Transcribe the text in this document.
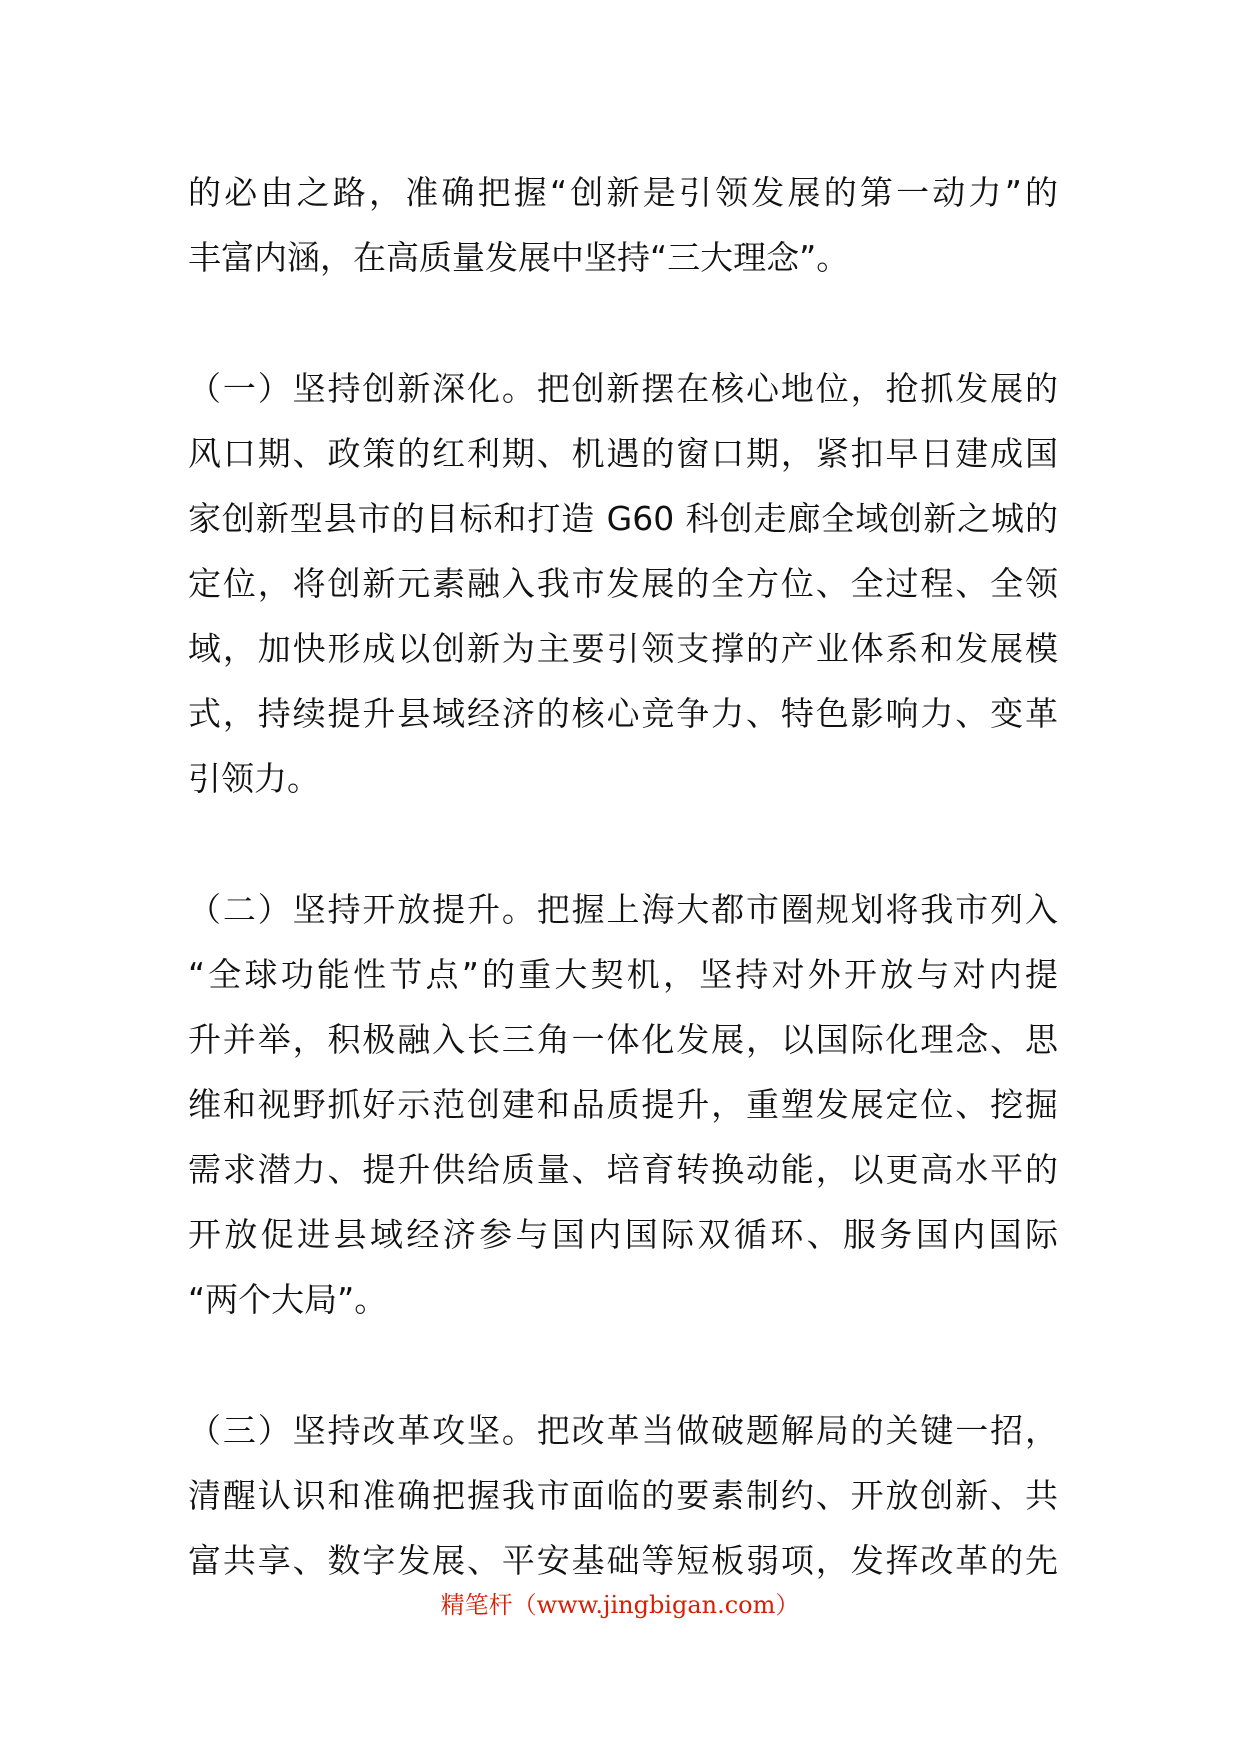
的必由之路，准确把握“创新是引领发展的第一动力”的
丰富内涵，在高质量发展中坚持“三大理念”。
（一）坚持创新深化。把创新摆在核心地位，抢抓发展的
风口期、政策的红利期、机遇的窗口期，紧扣早日建成国
家创新型县市的目标和打造 G60 科创走廊全域创新之城的
定位，将创新元素融入我市发展的全方位、全过程、全领
域，加快形成以创新为主要引领支撑的产业体系和发展模
式，持续提升县域经济的核心竞争力、特色影响力、变革
引领力。
（二）坚持开放提升。把握上海大都市圈规划将我市列入
“全球功能性节点”的重大契机，坚持对外开放与对内提
升并举，积极融入长三角一体化发展，以国际化理念、思
维和视野抓好示范创建和品质提升，重塑发展定位、挖掘
需求潜力、提升供给质量、培育转换动能，以更高水平的
开放促进县域经济参与国内国际双循环、服务国内国际
“两个大局”。
（三）坚持改革攻坚。把改革当做破题解局的关键一招，
清醒认识和准确把握我市面临的要素制约、开放创新、共
富共享、数字发展、平安基础等短板弱项，发挥改革的先
精笔杆（www.jingbigan.com）
